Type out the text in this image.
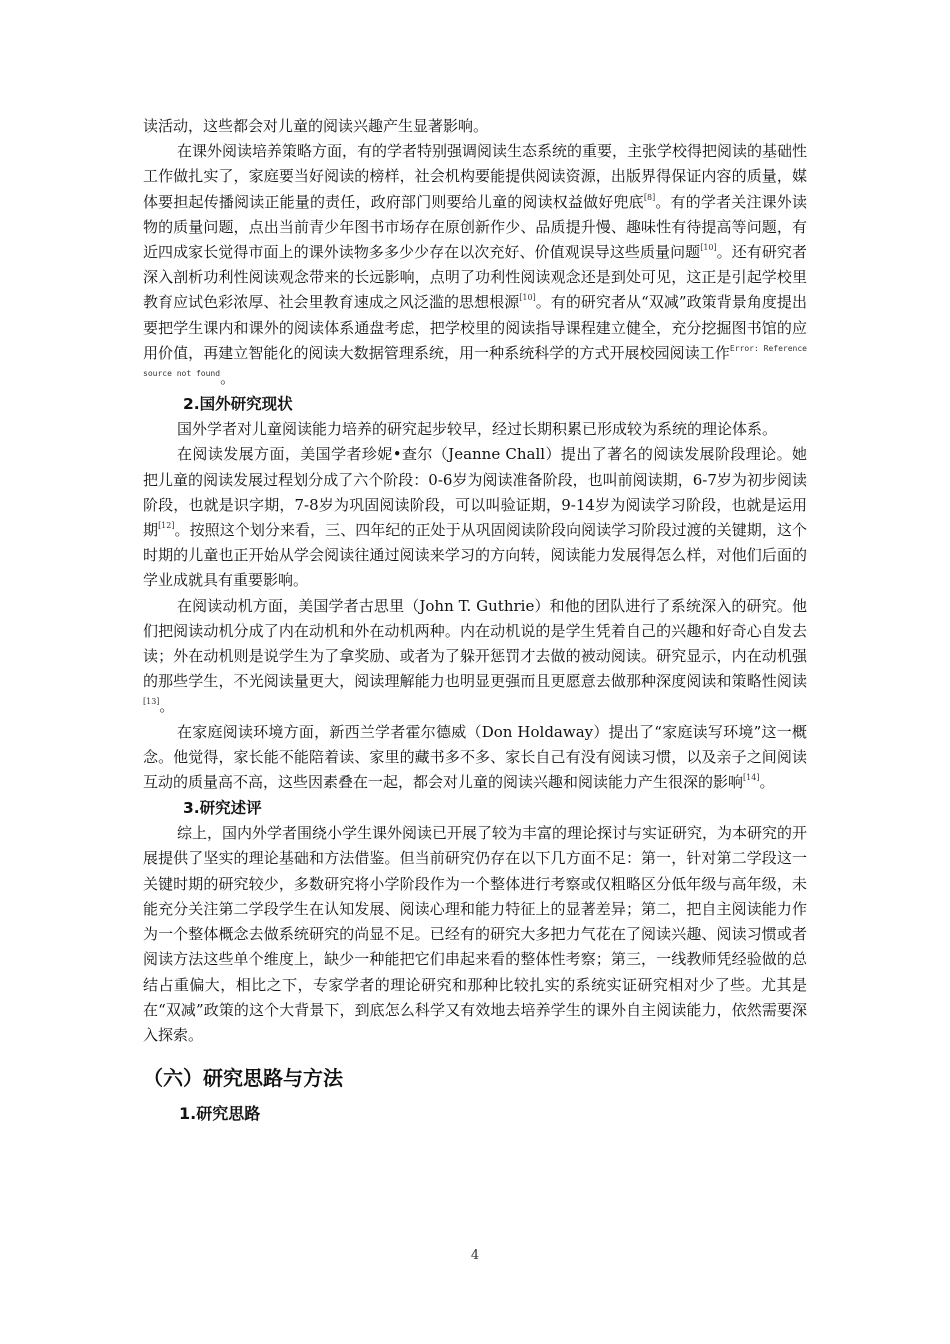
读活动，这些都会对儿童的阅读兴趣产生显著影响。

在课外阅读培养策略方面，有的学者特别强调阅读生态系统的重要，主张学校得把阅读的基础性工作做扎实了，家庭要当好阅读的榜样，社会机构要能提供阅读资源，出版界得保证内容的质量，媒体要担起传播阅读正能量的责任，政府部门则要给儿童的阅读权益做好兜底[8]。有的学者关注课外读物的质量问题，点出当前青少年图书市场存在原创新作少、品质提升慢、趣味性有待提高等问题，有近四成家长觉得市面上的课外读物多多少少存在以次充好、价值观误导这些质量问题[10]。还有研究者深入剖析功利性阅读观念带来的长远影响，点明了功利性阅读观念还是到处可见，这正是引起学校里教育应试色彩浓厚、社会里教育速成之风泛滥的思想根源[10]。有的研究者从“双减”政策背景角度提出要把学生课内和课外的阅读体系通盘考虑，把学校里的阅读指导课程建立健全，充分挖掘图书馆的应用价值，再建立智能化的阅读大数据管理系统，用一种系统科学的方式开展校园阅读工作$^{Error: Reference source not found}$。

2.国外研究现状

国外学者对儿童阅读能力培养的研究起步较早，经过长期积累已形成较为系统的理论体系。

在阅读发展方面，美国学者珍妮•查尔（Jeanne Chall）提出了著名的阅读发展阶段理论。她把儿童的阅读发展过程划分成了六个阶段：0-6岁为阅读准备阶段，也叫前阅读期，6-7岁为初步阅读阶段，也就是识字期，7-8岁为巩固阅读阶段，可以叫验证期，9-14岁为阅读学习阶段，也就是运用期[12]。按照这个划分来看，三、四年纪的正处于从巩固阅读阶段向阅读学习阶段过渡的关键期，这个时期的儿童也正开始从学会阅读往通过阅读来学习的方向转，阅读能力发展得怎么样，对他们后面的学业成就具有重要影响。

在阅读动机方面，美国学者古思里（John T. Guthrie）和他的团队进行了系统深入的研究。他们把阅读动机分成了内在动机和外在动机两种。内在动机说的是学生凭着自己的兴趣和好奇心自发去读；外在动机则是说学生为了拿奖励、或者为了躲开惩罚才去做的被动阅读。研究显示，内在动机强的那些学生，不光阅读量更大，阅读理解能力也明显更强而且更愿意去做那种深度阅读和策略性阅读[13]。

在家庭阅读环境方面，新西兰学者霍尔德威（Don Holdaway）提出了“家庭读写环境”这一概念。他觉得，家长能不能陪着读、家里的藏书多不多、家长自己有没有阅读习惯，以及亲子之间阅读互动的质量高不高，这些因素叠在一起，都会对儿童的阅读兴趣和阅读能力产生很深的影响[14]。

3.研究述评

综上，国内外学者围绕小学生课外阅读已开展了较为丰富的理论探讨与实证研究，为本研究的开展提供了坚实的理论基础和方法借鉴。但当前研究仍存在以下几方面不足：第一，针对第二学段这一关键时期的研究较少，多数研究将小学阶段作为一个整体进行考察或仅粗略区分低年级与高年级，未能充分关注第二学段学生在认知发展、阅读心理和能力特征上的显著差异；第二，把自主阅读能力作为一个整体概念去做系统研究的尚显不足。已经有的研究大多把力气花在了阅读兴趣、阅读习惯或者阅读方法这些单个维度上，缺少一种能把它们串起来看的整体性考察；第三，一线教师凭经验做的总结占重偏大，相比之下，专家学者的理论研究和那种比较扎实的系统实证研究相对少了些。尤其是在“双减”政策的这个大背景下，到底怎么科学又有效地去培养学生的课外自主阅读能力，依然需要深入探索。

（六）研究思路与方法
1.研究思路
4
